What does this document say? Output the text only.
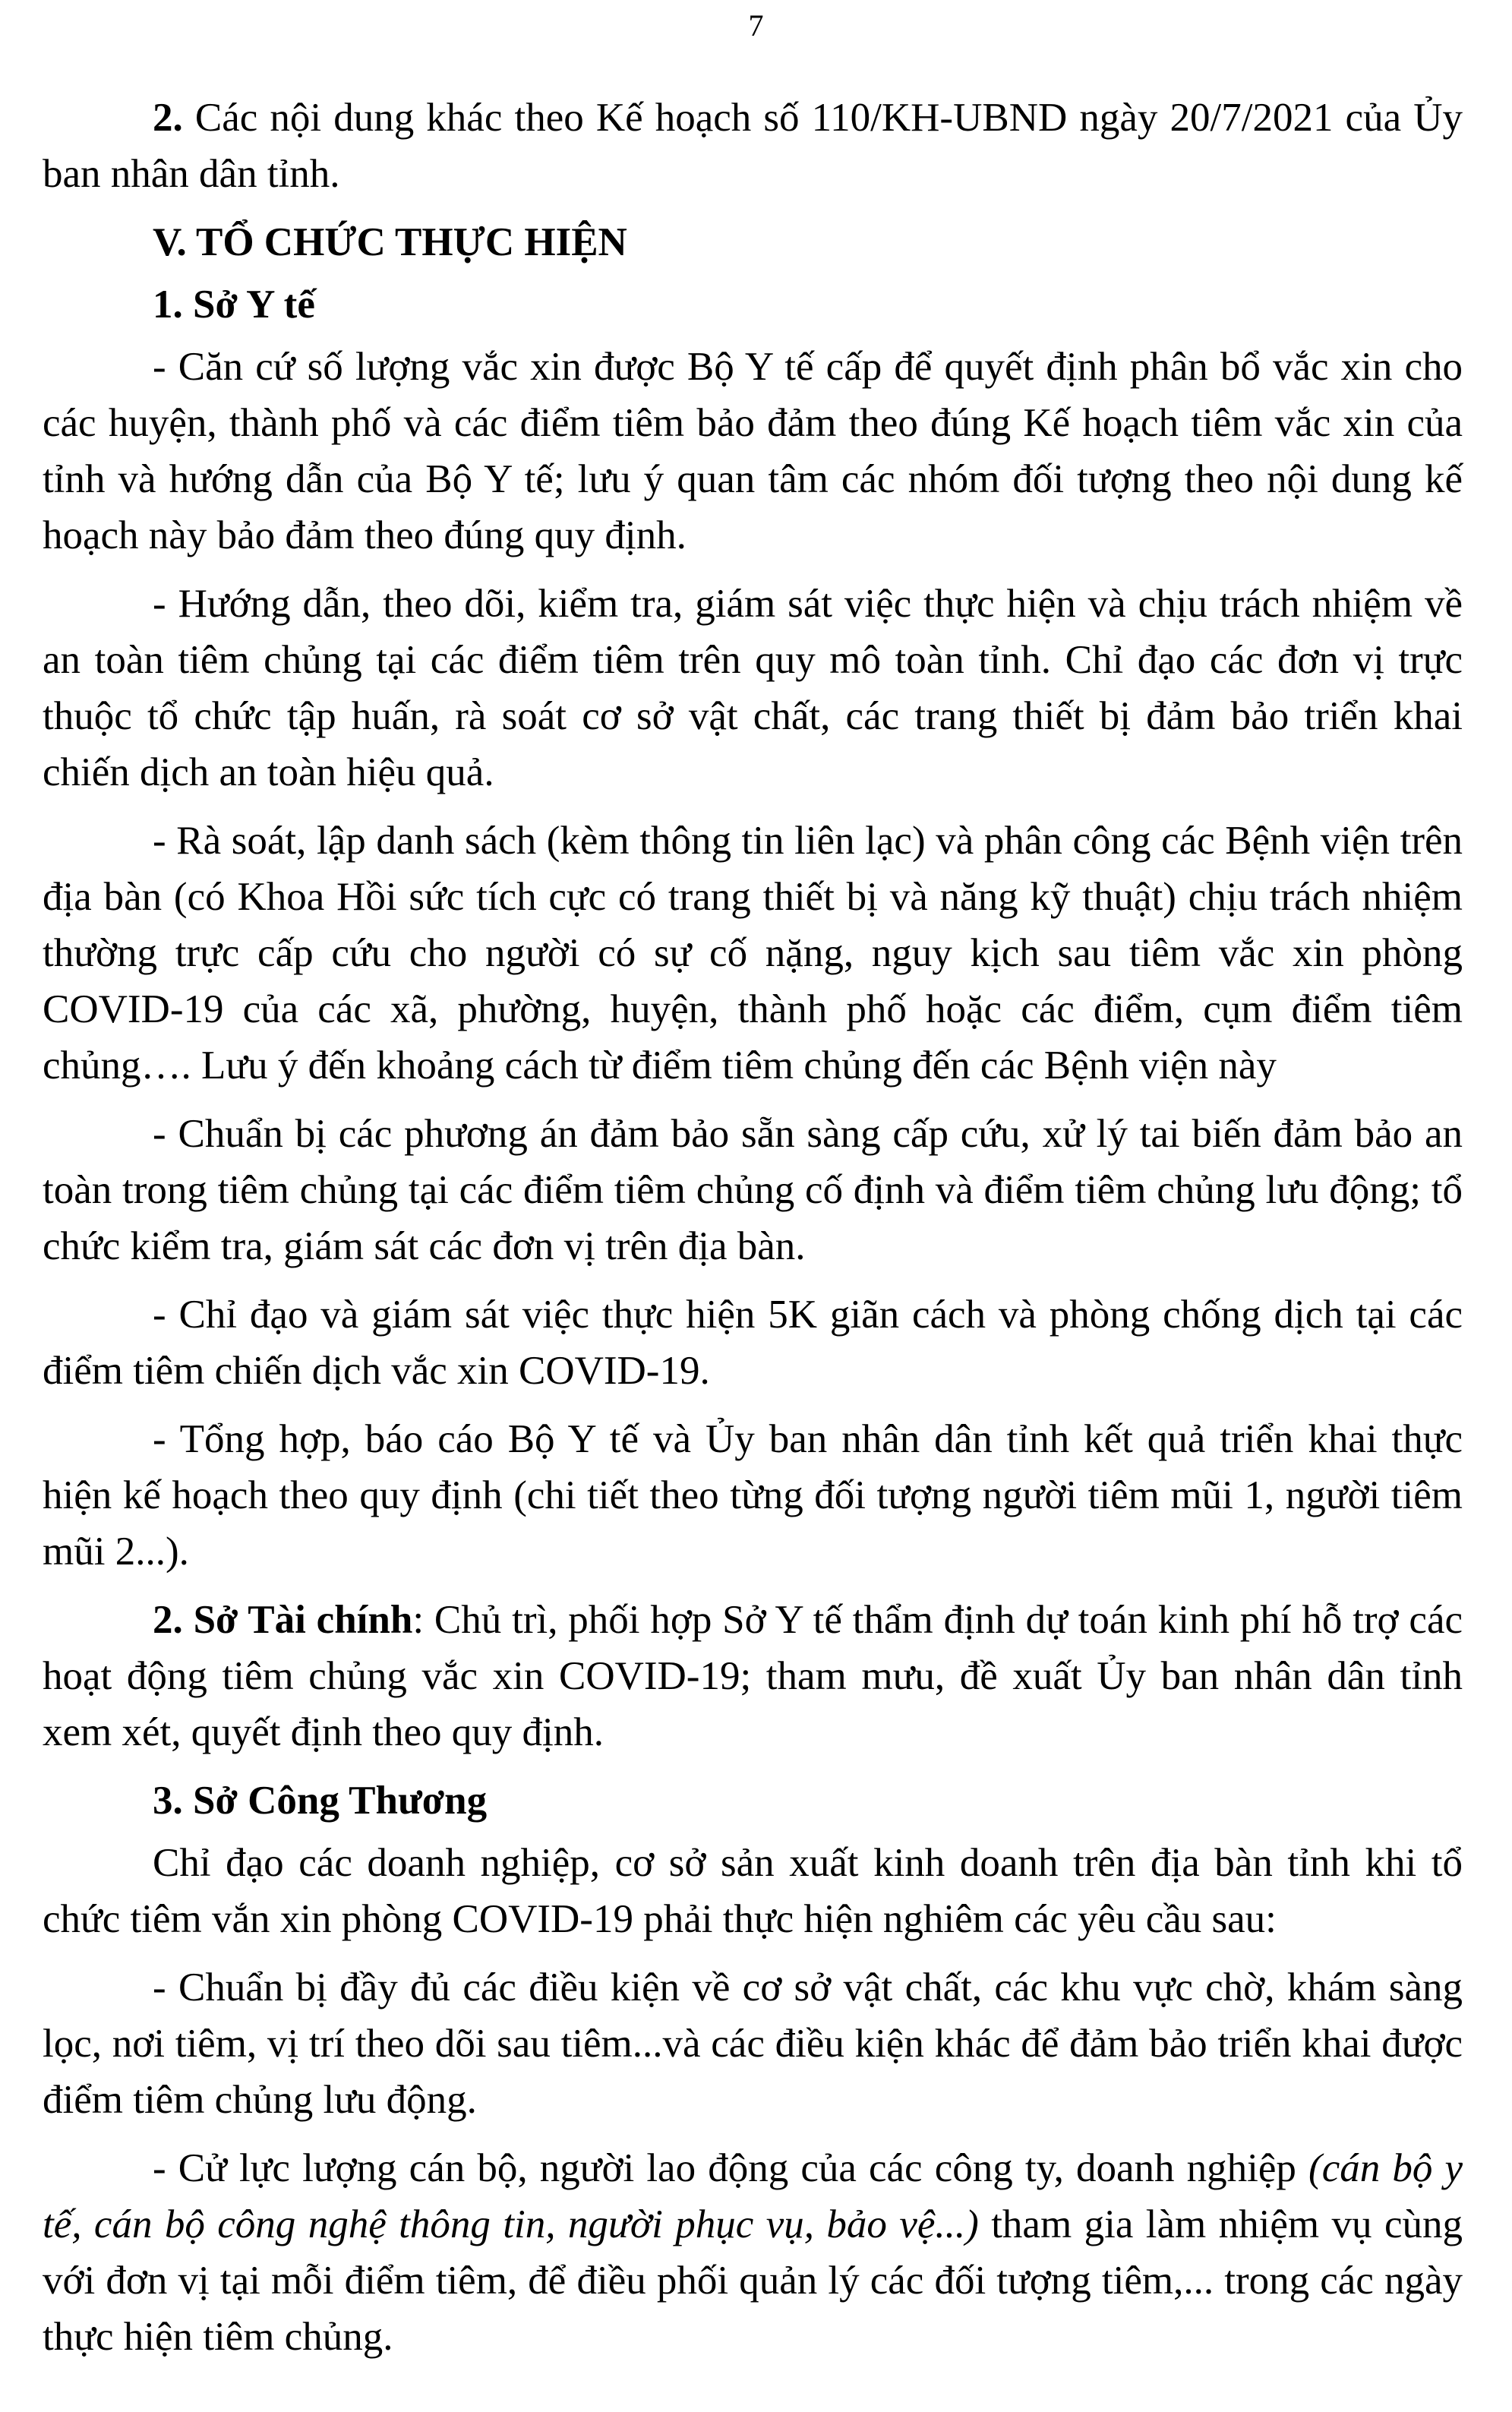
7

2. Các nội dung khác theo Kế hoạch số 110/KH-UBND ngày 20/7/2021 của Ủy ban nhân dân tỉnh.

V. TỔ CHỨC THỰC HIỆN

1. Sở Y tế

- Căn cứ số lượng vắc xin được Bộ Y tế cấp để quyết định phân bổ vắc xin cho các huyện, thành phố và các điểm tiêm bảo đảm theo đúng Kế hoạch tiêm vắc xin của tỉnh và hướng dẫn của Bộ Y tế; lưu ý quan tâm các nhóm đối tượng theo nội dung kế hoạch này bảo đảm theo đúng quy định.

- Hướng dẫn, theo dõi, kiểm tra, giám sát việc thực hiện và chịu trách nhiệm về an toàn tiêm chủng tại các điểm tiêm trên quy mô toàn tỉnh. Chỉ đạo các đơn vị trực thuộc tổ chức tập huấn, rà soát cơ sở vật chất, các trang thiết bị đảm bảo triển khai chiến dịch an toàn hiệu quả.

- Rà soát, lập danh sách (kèm thông tin liên lạc) và phân công các Bệnh viện trên địa bàn (có Khoa Hồi sức tích cực có trang thiết bị và năng kỹ thuật) chịu trách nhiệm thường trực cấp cứu cho người có sự cố nặng, nguy kịch sau tiêm vắc xin phòng COVID-19 của các xã, phường, huyện, thành phố hoặc các điểm, cụm điểm tiêm chủng…. Lưu ý đến khoảng cách từ điểm tiêm chủng đến các Bệnh viện này

- Chuẩn bị các phương án đảm bảo sẵn sàng cấp cứu, xử lý tai biến đảm bảo an toàn trong tiêm chủng tại các điểm tiêm chủng cố định và điểm tiêm chủng lưu động; tổ chức kiểm tra, giám sát các đơn vị trên địa bàn.

- Chỉ đạo và giám sát việc thực hiện 5K giãn cách và phòng chống dịch tại các điểm tiêm chiến dịch vắc xin COVID-19.

- Tổng hợp, báo cáo Bộ Y tế và Ủy ban nhân dân tỉnh kết quả triển khai thực hiện kế hoạch theo quy định (chi tiết theo từng đối tượng người tiêm mũi 1, người tiêm mũi 2...).

2. Sở Tài chính: Chủ trì, phối hợp Sở Y tế thẩm định dự toán kinh phí hỗ trợ các hoạt động tiêm chủng vắc xin COVID-19; tham mưu, đề xuất Ủy ban nhân dân tỉnh xem xét, quyết định theo quy định.

3. Sở Công Thương

Chỉ đạo các doanh nghiệp, cơ sở sản xuất kinh doanh trên địa bàn tỉnh khi tổ chức tiêm vắn xin phòng COVID-19 phải thực hiện nghiêm các yêu cầu sau:

- Chuẩn bị đầy đủ các điều kiện về cơ sở vật chất, các khu vực chờ, khám sàng lọc, nơi tiêm, vị trí theo dõi sau tiêm...và các điều kiện khác để đảm bảo triển khai được điểm tiêm chủng lưu động.

- Cử lực lượng cán bộ, người lao động của các công ty, doanh nghiệp (cán bộ y tế, cán bộ công nghệ thông tin, người phục vụ, bảo vệ...) tham gia làm nhiệm vụ cùng với đơn vị tại mỗi điểm tiêm, để điều phối quản lý các đối tượng tiêm,... trong các ngày thực hiện tiêm chủng.
